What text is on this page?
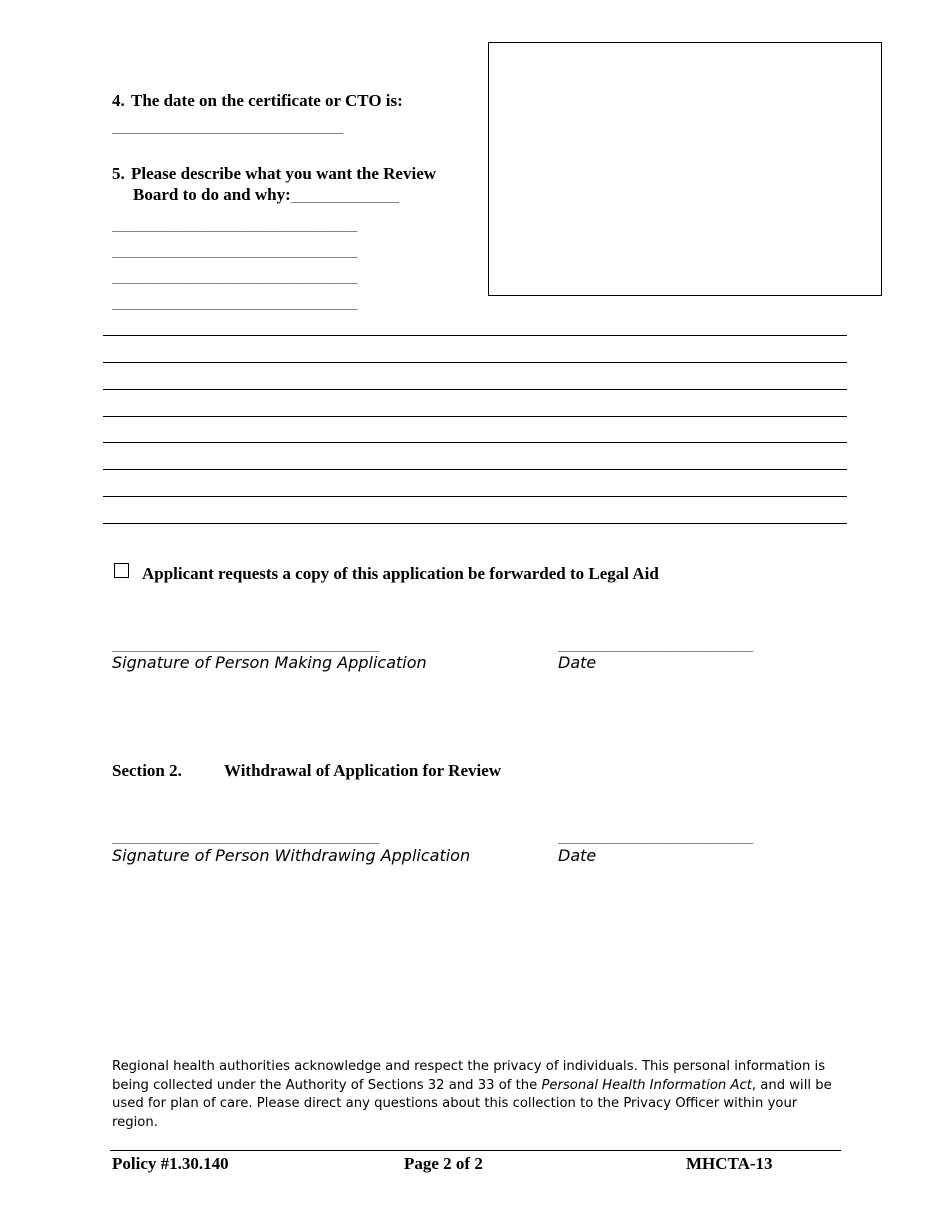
4. The date on the certificate or CTO is:
________________________________
5. Please describe what you want the Review
Board to do and why:_______________
__________________________________
__________________________________
__________________________________
__________________________________
Applicant requests a copy of this application be forwarded to Legal Aid
_____________________________________	___________________________
Signature of Person Making Application	Date
Section 2. Withdrawal of Application for Review
_____________________________________	___________________________
Signature of Person Withdrawing Application	Date
Regional health authorities acknowledge and respect the privacy of individuals. This personal information is being collected under the Authority of Sections 32 and 33 of the Personal Health Information Act, and will be used for plan of care. Please direct any questions about this collection to the Privacy Officer within your region.
Policy #1.30.140	Page 2 of 2	MHCTA-13
